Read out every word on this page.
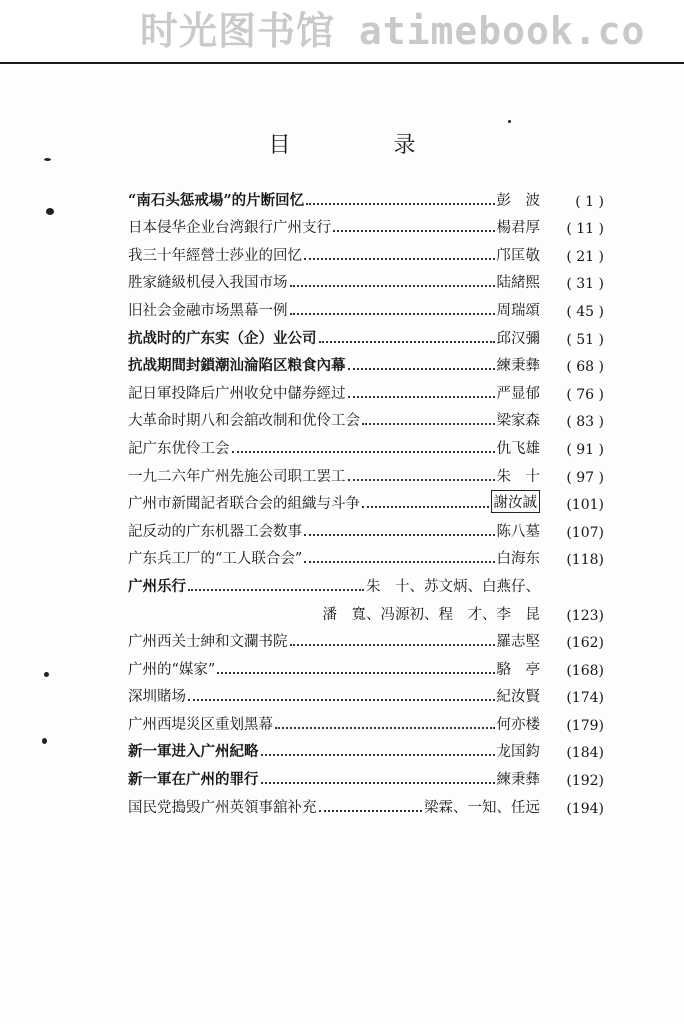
时光图书馆 atimebook.co
目 录
“南石头惩戒場”的片断回忆	彭　波	( 1 )
日本侵华企业台湾銀行广州支行	楊君厚	( 11 )
我三十年經營士莎业的回忆	邝匡敬	( 21 )
胜家縫級机侵入我国市场	陆緒熙	( 31 )
旧社会金融市场黑幕一例	周瑞頌	( 45 )
抗战时的广东实（企）业公司	邱汉彌	( 51 )
抗战期間封鎖潮汕淪陷区粮食內幕	練秉彝	( 68 )
記日軍投降后广州收兌中儲券經过	严显郁	( 76 )
大革命时期八和会舘改制和优伶工会	梁家森	( 83 )
記广东优伶工会	仇飞雄	( 91 )
一九二六年广州先施公司职工罢工	朱　十	( 97 )
广州市新聞記者联合会的組織与斗争	謝汝誠	(101)
記反动的广东机器工会数事	陈八墓	(107)
广东兵工厂的“工人联合会”	白海东	(118)
广州乐行	朱　十、苏文炳、白燕仔、
潘　寬、冯源初、程　才、李　昆	(123)
广州西关士紳和文瀾书院	羅志堅	(162)
广州的“媒家”	駱　亭	(168)
深圳賭场	紀汝賢	(174)
广州西堤災区重划黑幕	何亦楼	(179)
新一軍进入广州紀略	龙国鈞	(184)
新一軍在广州的罪行	練秉彝	(192)
国民党搗毁广州英領事舘补充	梁霖、一知、任远	(194)
